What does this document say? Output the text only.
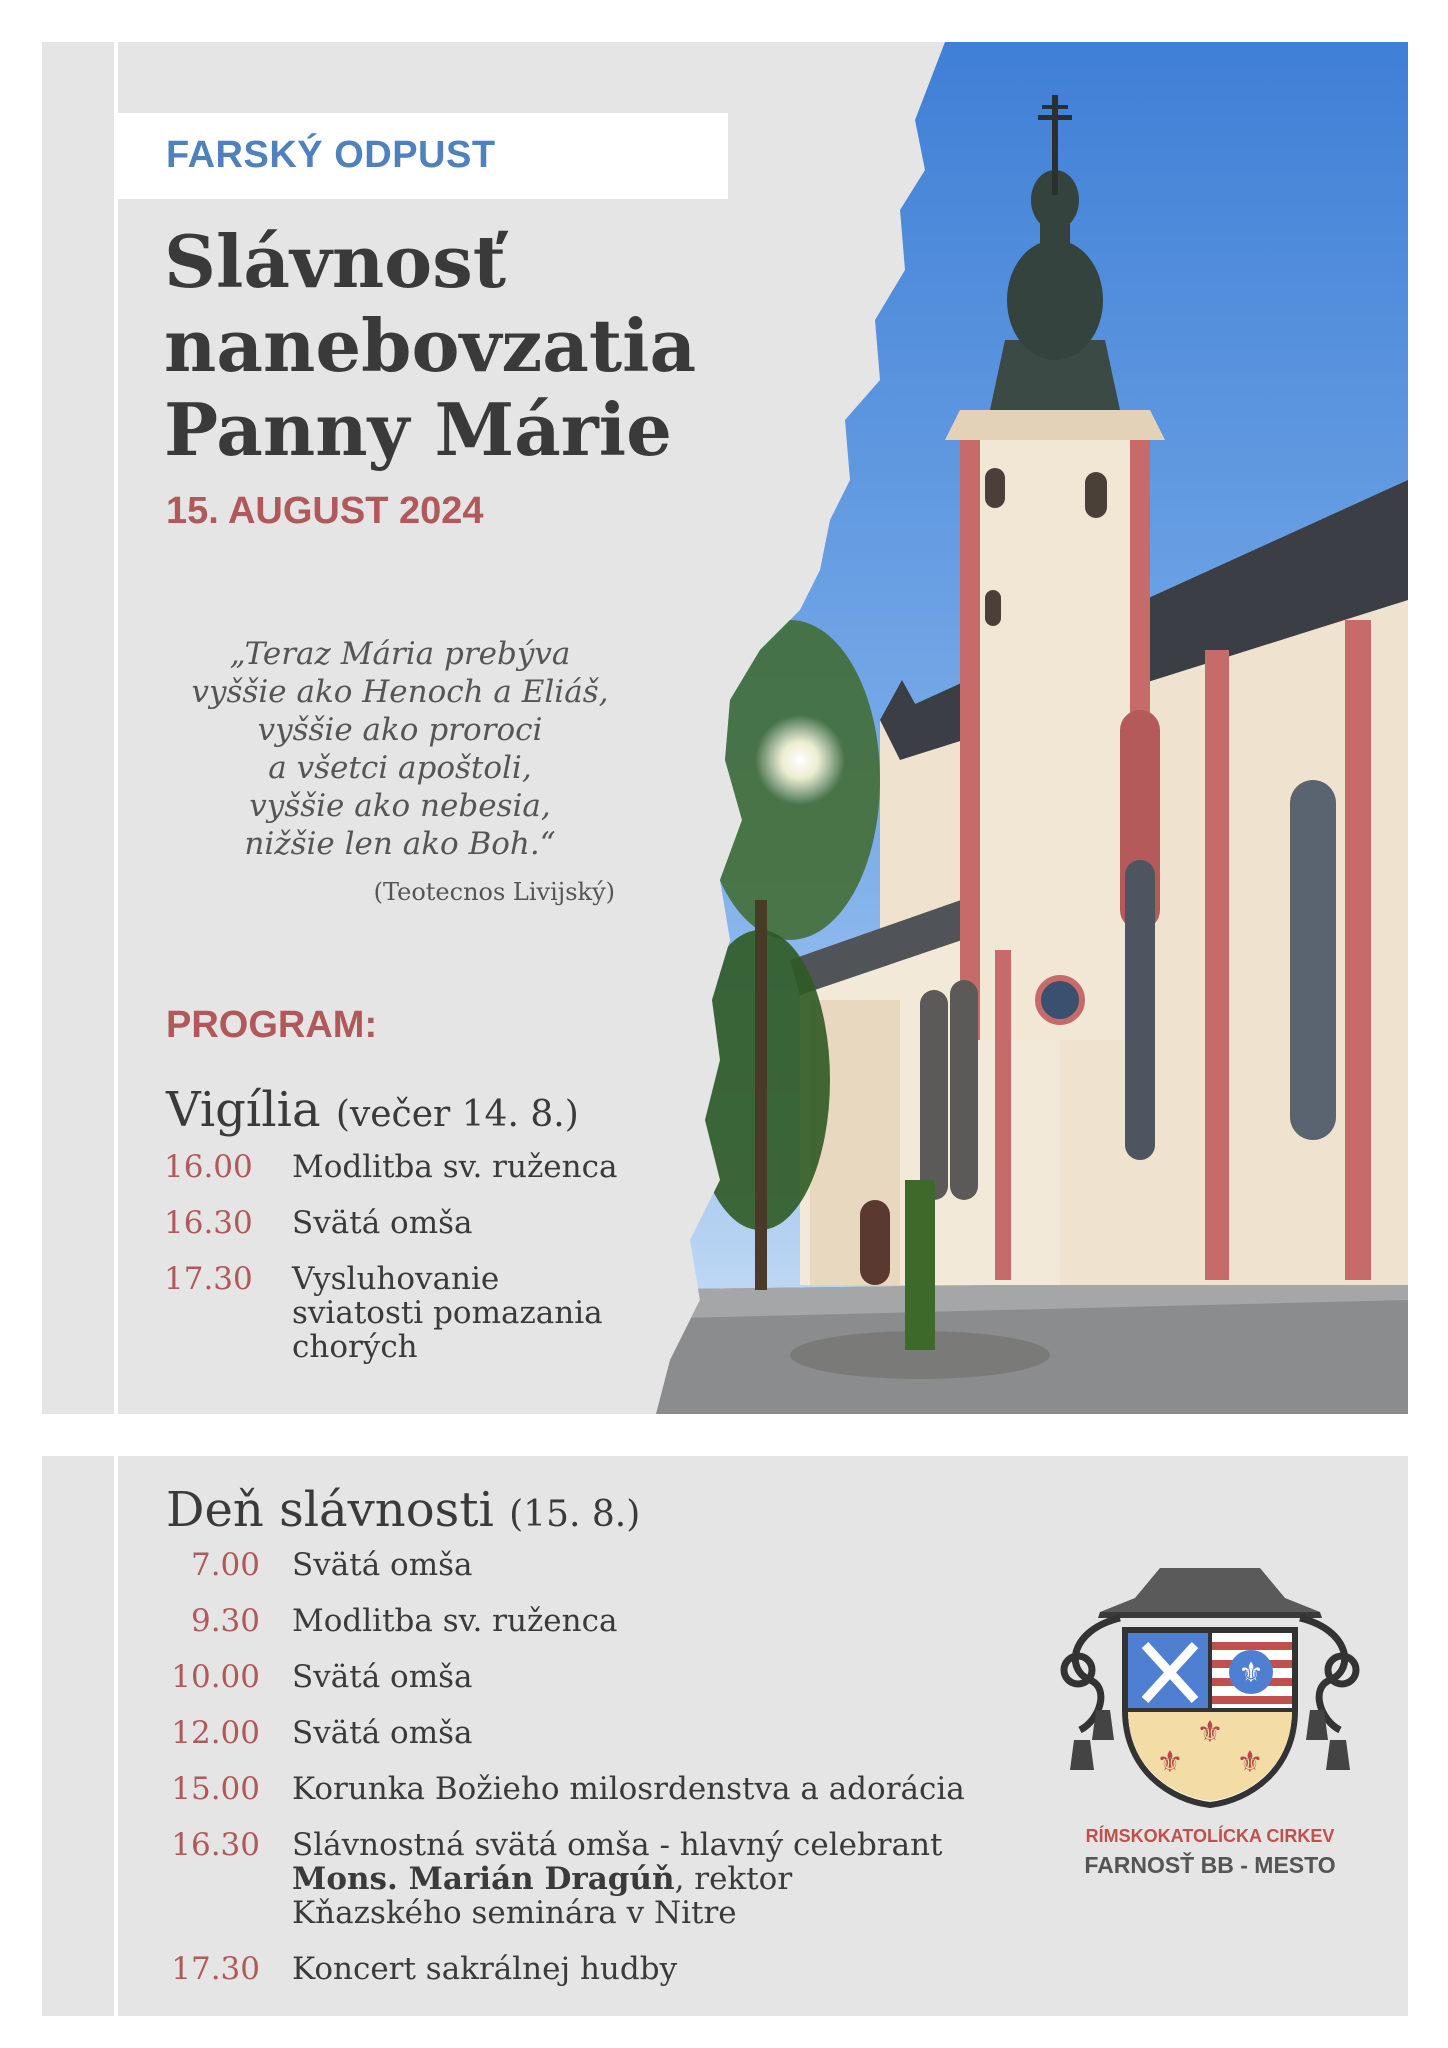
FARSKÝ ODPUST
Slávnosť
nanebovzatia
Panny Márie
15. AUGUST 2024
„Teraz Mária prebýva
vyššie ako Henoch a Eliáš,
vyššie ako proroci
a všetci apoštoli,
vyššie ako nebesia,
nižšie len ako Boh.“
(Teotecnos Livijský)
PROGRAM:
Vigília (večer 14. 8.)
16.00 Modlitba sv. ruženca
16.30 Svätá omša
17.30 Vysluhovanie
sviatosti pomazania
chorých
Deň slávnosti (15. 8.)
7.00 Svätá omša
9.30 Modlitba sv. ruženca
10.00 Svätá omša
12.00 Svätá omša
15.00 Korunka Božieho milosrdenstva a adorácia
16.30 Slávnostná svätá omša - hlavný celebrant
Mons. Marián Dragúň, rektor
Kňazského seminára v Nitre
17.30 Koncert sakrálnej hudby
⚜
⚜
⚜ ⚜
RÍMSKOKATOLÍCKA CIRKEV
FARNOSŤ BB - MESTO
